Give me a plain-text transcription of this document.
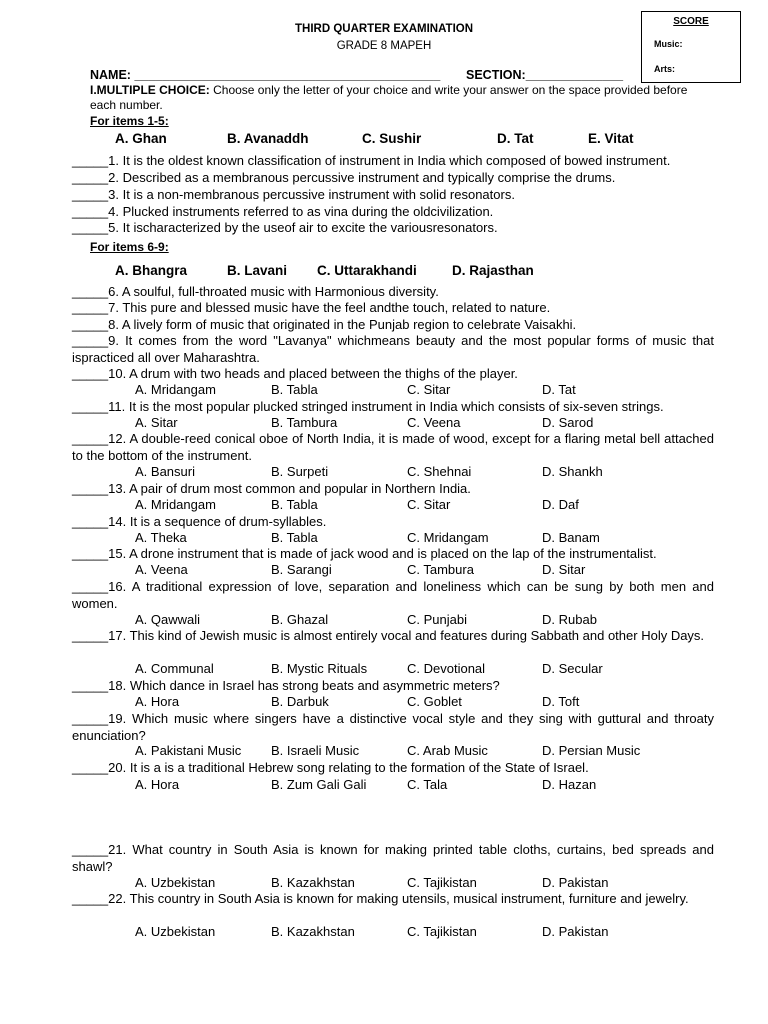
SCORE
Music:
Arts:
THIRD QUARTER EXAMINATION
GRADE 8 MAPEH
NAME: ____________________________________________ SECTION:______________
I.MULTIPLE CHOICE: Choose only the letter of your choice and write your answer on the space provided before each number.
For items 1-5:
A. Ghan	B. Avanaddh	C. Sushir	D. Tat	E. Vitat
_____1. It is the oldest known classification of instrument in India which composed of bowed instrument.
_____2. Described as a membranous percussive instrument and typically comprise the drums.
_____3. It is a non-membranous percussive instrument with solid resonators.
_____4. Plucked instruments referred to as vina during the oldcivilization.
_____5. It ischaracterized by the useof air to excite the variousresonators.
For items 6-9:
A. Bhangra	B. Lavani C. Uttarakhandi	D. Rajasthan
_____6. A soulful, full-throated music with Harmonious diversity.
_____7. This pure and blessed music have the feel andthe touch, related to nature.
_____8. A lively form of music that originated in the Punjab region to celebrate Vaisakhi.
_____9. It comes from the word "Lavanya" whichmeans beauty and the most popular forms of music that ispracticed all over Maharashtra.
_____10. A drum with two heads and placed between the thighs of the player.
A. Mridangam	B. Tabla	C. Sitar	D. Tat
_____11. It is the most popular plucked stringed instrument in India which consists of six-seven strings.
A. Sitar	B. Tambura	C. Veena	D. Sarod
_____12. A double-reed conical oboe of North India, it is made of wood, except for a flaring metal bell attached to the bottom of the instrument.
A. Bansuri	B. Surpeti	C. Shehnai	D. Shankh
_____13. A pair of drum most common and popular in Northern India.
A. Mridangam	B. Tabla	C. Sitar	D. Daf
_____14. It is a sequence of drum-syllables.
A. Theka	B. Tabla	C. Mridangam	D. Banam
_____15. A drone instrument that is made of jack wood and is placed on the lap of the instrumentalist.
A. Veena	B. Sarangi	C. Tambura	D. Sitar
_____16. A traditional expression of love, separation and loneliness which can be sung by both men and women.
A. Qawwali	B. Ghazal	C. Punjabi	D. Rubab
_____17. This kind of Jewish music is almost entirely vocal and features during Sabbath and other Holy Days.
A. Communal	B. Mystic Rituals	C. Devotional	D. Secular
_____18. Which dance in Israel has strong beats and asymmetric meters?
A. Hora	B. Darbuk	C. Goblet	D. Toft
_____19. Which music where singers have a distinctive vocal style and they sing with guttural and throaty enunciation?
A. Pakistani Music B. Israeli Music	C. Arab Music	D. Persian Music
_____20. It is a is a traditional Hebrew song relating to the formation of the State of Israel.
A. Hora	B. Zum Gali Gali	C. Tala	D. Hazan
_____21. What country in South Asia is known for making printed table cloths, curtains, bed spreads and shawl?
A. Uzbekistan	B. Kazakhstan	C. Tajikistan	D. Pakistan
_____22. This country in South Asia is known for making utensils, musical instrument, furniture and jewelry.
A. Uzbekistan	B. Kazakhstan	C. Tajikistan	D. Pakistan
